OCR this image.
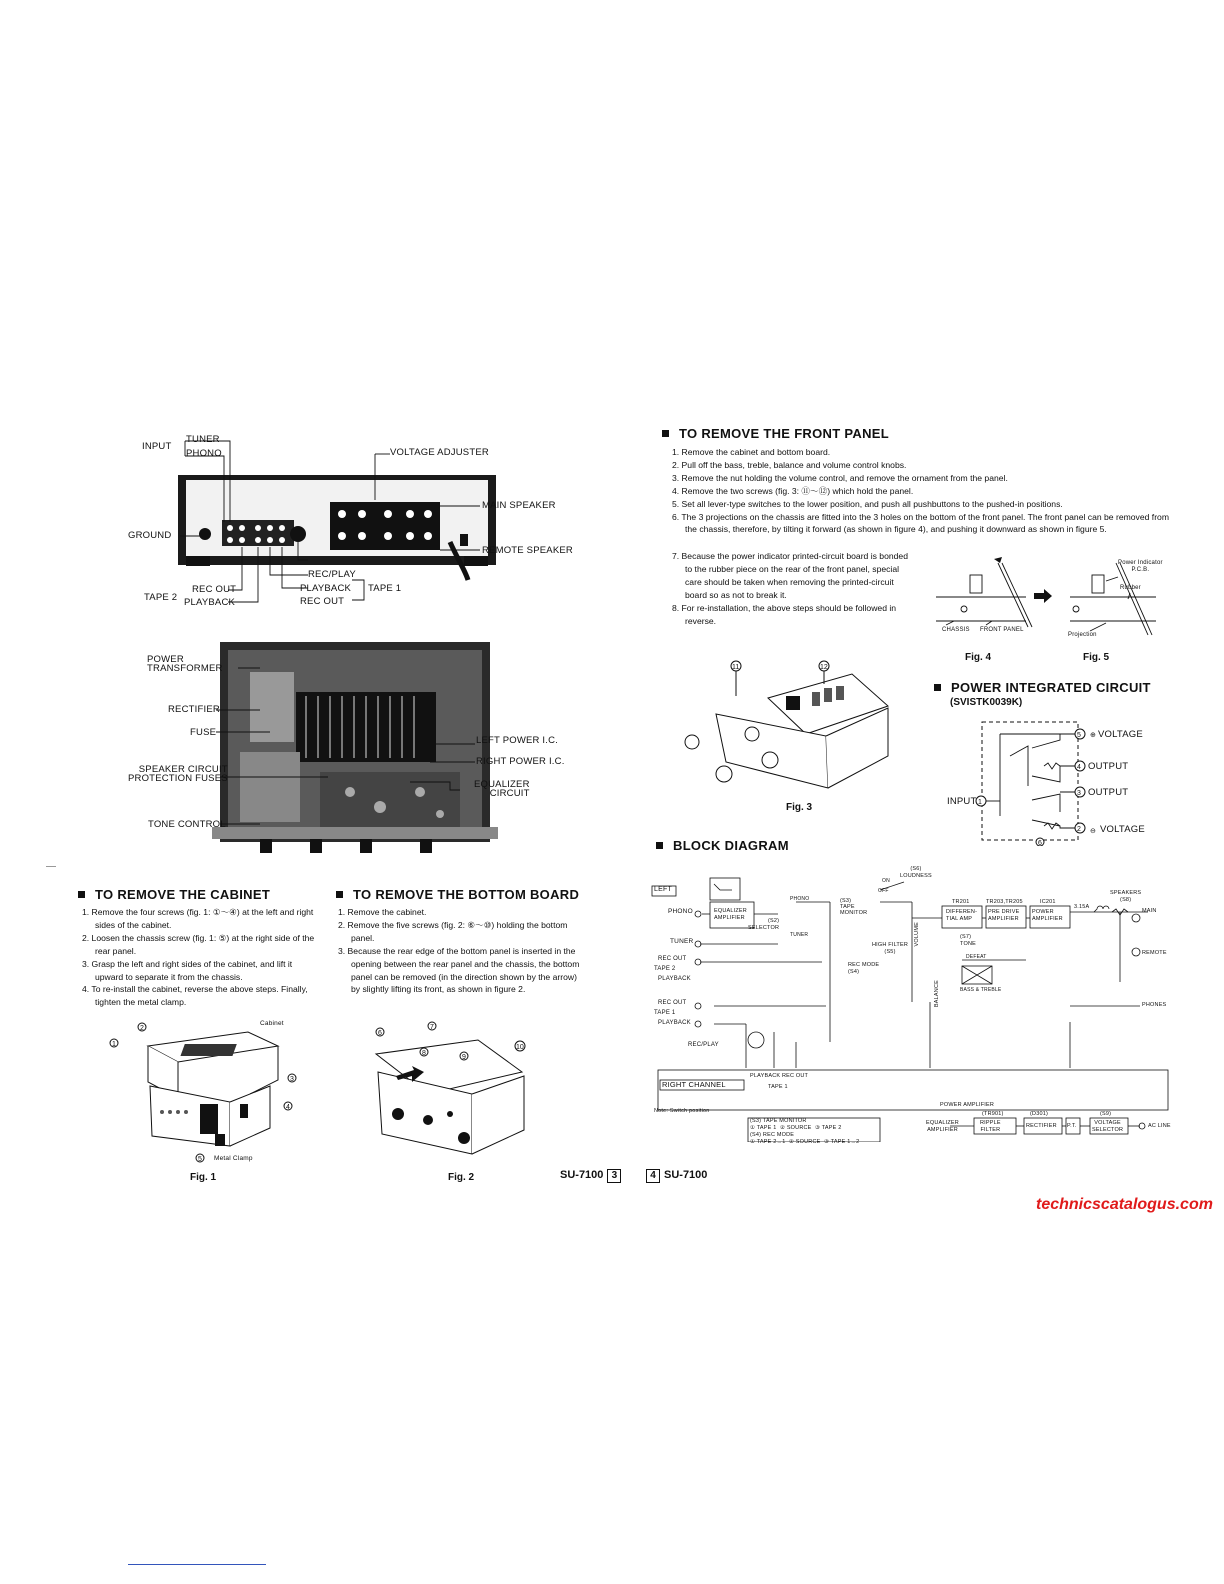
INPUT
TUNER
PHONO	VOLTAGE ADJUSTER
GROUND
MAIN SPEAKER
REMOTE SPEAKER
REC/PLAY
TAPE 2
REC OUT
PLAYBACK
PLAYBACK
REC OUT
TAPE 1
POWER
TRANSFORMER
RECTIFIER
FUSE
SPEAKER CIRCUIT
PROTECTION FUSES
TONE CONTROL
LEFT POWER I.C.
RIGHT POWER I.C.
EQUALIZER
CIRCUIT
TO REMOVE THE CABINET
1. Remove the four screws (fig. 1: ①～④) at the left and right sides of the cabinet.
2. Loosen the chassis screw (fig. 1: ⑤) at the right side of the rear panel.
3. Grasp the left and right sides of the cabinet, and lift it upward to separate it from the chassis.
4. To re-install the cabinet, reverse the above steps. Finally, tighten the metal clamp.
1
2
3
4
5
Cabinet
Metal Clamp
Fig. 1
TO REMOVE THE BOTTOM BOARD
1. Remove the cabinet.
2. Remove the five screws (fig. 2: ⑥～⑩) holding the bottom panel.
3. Because the rear edge of the bottom panel is inserted in the opening between the rear panel and the chassis, the bottom panel can be removed (in the direction shown by the arrow) by slightly lifting its front, as shown in figure 2.
6
7
8
9
10
Fig. 2
TO REMOVE THE FRONT PANEL
1. Remove the cabinet and bottom board.
2. Pull off the bass, treble, balance and volume control knobs.
3. Remove the nut holding the volume control, and remove the ornament from the panel.
4. Remove the two screws (fig. 3: ⑪～⑫) which hold the panel.
5. Set all lever-type switches to the lower position, and push all pushbuttons to the pushed-in positions.
6. The 3 projections on the chassis are fitted into the 3 holes on the bottom of the front panel. The front panel can be removed from the chassis, therefore, by tilting it forward (as shown in figure 4), and pushing it downward as shown in figure 5.
7. Because the power indicator printed-circuit board is bonded to the rubber piece on the rear of the front panel, special care should be taken when removing the printed-circuit board so as not to break it.
8. For re-installation, the above steps should be followed in reverse.
CHASSIS FRONT PANEL
Power Indicator
P.C.B.
Rubber
Projection
Fig. 4	Fig. 5
11	12
Fig. 3
POWER INTEGRATED CIRCUIT
(SVISTK0039K)
5
4
3
2
1
6
⊕
⊖
VOLTAGE
OUTPUT
OUTPUT
VOLTAGE
INPUT
BLOCK DIAGRAM
LEFT
PHONO
TUNER
REC OUT
TAPE 2
PLAYBACK
REC OUT
TAPE 1
PLAYBACK
REC/PLAY
EQUALIZER
AMPLIFIER
PHONO
(S2)
SELECTOR
TUNER
(S3)
TAPE
MONITOR
(S6)
LOUDNESS
HIGH FILTER
(S5)
ON
OFF
REC MODE
(S4)
VOLUME
BALANCE
(S7)
TONE
DEFEAT
BASS & TREBLE
TR201
DIFFEREN-
TIAL AMP
TR203,TR205
PRE DRIVE
AMPLIFIER
IC201
POWER
AMPLIFIER
3.15A
SPEAKERS
(S8)
MAIN
REMOTE
PHONES
RIGHT CHANNEL
PLAYBACK REC OUT
TAPE 1
Note: Switch position
(S3) TAPE MONITOR
① TAPE 1  ② SOURCE  ③ TAPE 2
(S4) REC MODE
① TAPE 2→1  ② SOURCE  ③ TAPE 1→2
POWER AMPLIFIER
EQUALIZER
AMPLIFIER
(TR901)
RIPPLE
FILTER
(D301)
RECTIFIER P.T.
(S9)
VOLTAGE
SELECTOR
AC LINE
SU-7100 3	4 SU-7100
technicscatalogus.com
